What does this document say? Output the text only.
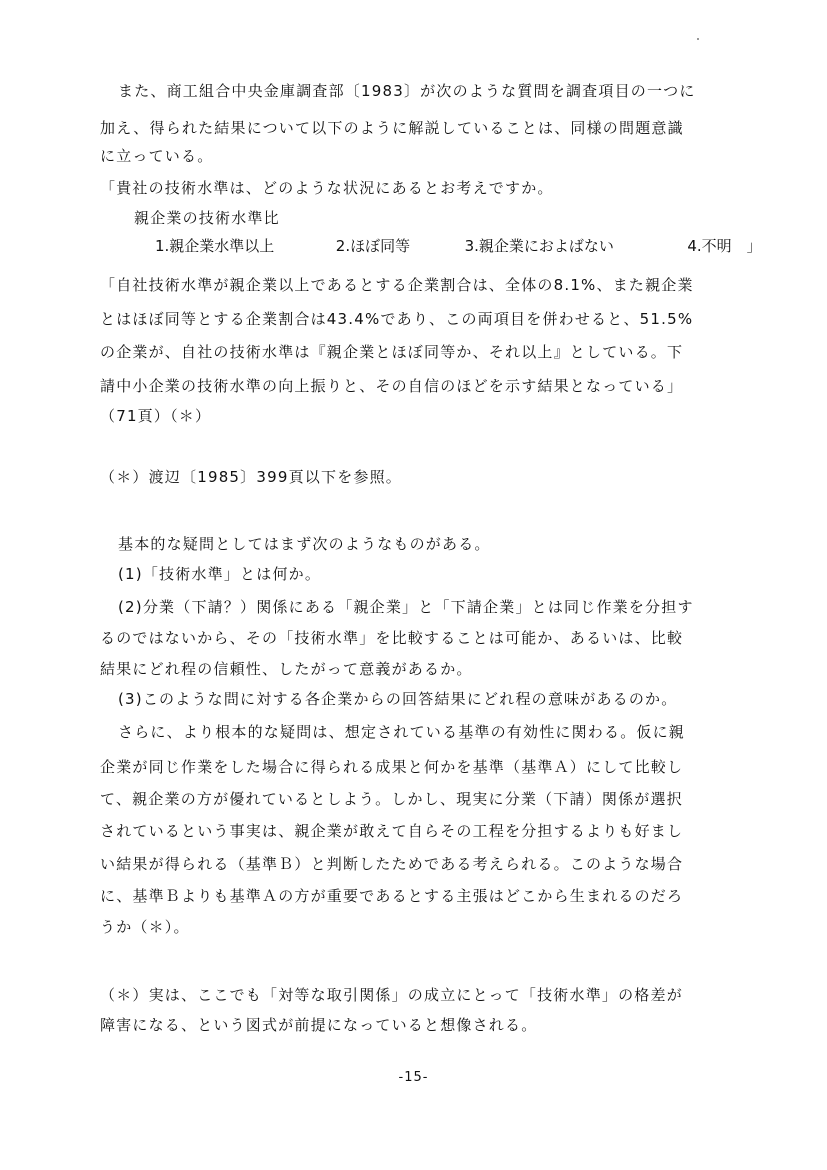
また、商工組合中央金庫調査部〔1983〕が次のような質問を調査項目の一つに
加え、得られた結果について以下のように解説していることは、同様の問題意識
に立っている。
「貴社の技術水準は、どのような状況にあるとお考えですか。
親企業の技術水準比
1.親企業水準以上	2.ほぼ同等	3.親企業におよばない	4.不明　」
「自社技術水準が親企業以上であるとする企業割合は、全体の8.1%、また親企業
とはほぼ同等とする企業割合は43.4%であり、この両項目を併わせると、51.5%
の企業が、自社の技術水準は『親企業とほぼ同等か、それ以上』としている。下
請中小企業の技術水準の向上振りと、その自信のほどを示す結果となっている」
（71頁）（＊）
（＊）渡辺〔1985〕399頁以下を参照。
基本的な疑問としてはまず次のようなものがある。
(1)「技術水準」とは何か。
(2)分業（下請？）関係にある「親企業」と「下請企業」とは同じ作業を分担す
るのではないから、その「技術水準」を比較することは可能か、あるいは、比較
結果にどれ程の信頼性、したがって意義があるか。
(3)このような問に対する各企業からの回答結果にどれ程の意味があるのか。
さらに、より根本的な疑問は、想定されている基準の有効性に関わる。仮に親
企業が同じ作業をした場合に得られる成果と何かを基準（基準Ａ）にして比較し
て、親企業の方が優れているとしよう。しかし、現実に分業（下請）関係が選択
されているという事実は、親企業が敢えて自らその工程を分担するよりも好まし
い結果が得られる（基準Ｂ）と判断したためである考えられる。このような場合
に、基準Ｂよりも基準Ａの方が重要であるとする主張はどこから生まれるのだろ
うか（＊）。
（＊）実は、ここでも「対等な取引関係」の成立にとって「技術水準」の格差が
障害になる、という図式が前提になっていると想像される。
-15-
